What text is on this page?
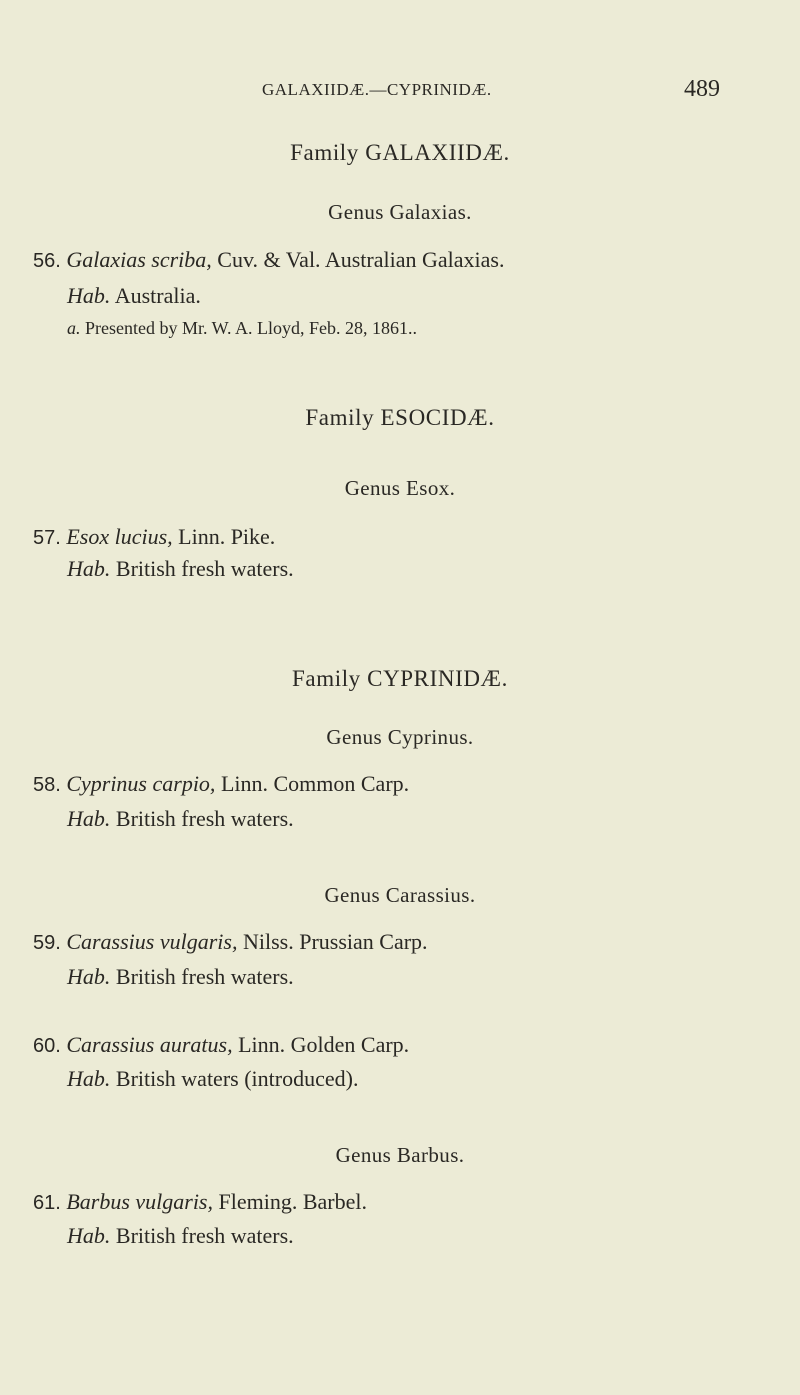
GALAXIIDÆ.—CYPRINIDÆ.	489
Family GALAXIIDÆ.
Genus Galaxias.
56. Galaxias scriba, Cuv. & Val. Australian Galaxias.
Hab. Australia.
a. Presented by Mr. W. A. Lloyd, Feb. 28, 1861..
Family ESOCIDÆ.
Genus Esox.
57. Esox lucius, Linn. Pike.
Hab. British fresh waters.
Family CYPRINIDÆ.
Genus Cyprinus.
58. Cyprinus carpio, Linn. Common Carp.
Hab. British fresh waters.
Genus Carassius.
59. Carassius vulgaris, Nilss. Prussian Carp.
Hab. British fresh waters.
60. Carassius auratus, Linn. Golden Carp.
Hab. British waters (introduced).
Genus Barbus.
61. Barbus vulgaris, Fleming. Barbel.
Hab. British fresh waters.
